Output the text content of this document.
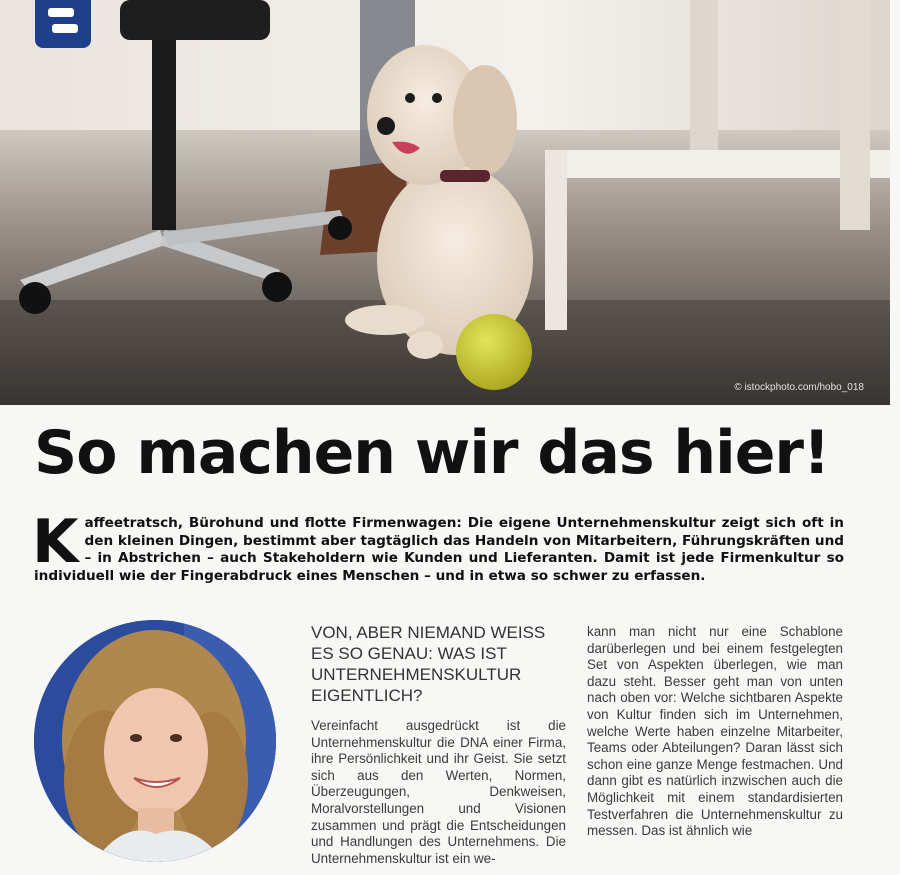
© istockphoto.com/hobo_018
So machen wir das hier!

Kaffeetratsch, Bürohund und flotte Firmenwagen: Die eigene Unternehmenskultur zeigt sich oft in den kleinen Dingen, bestimmt aber tagtäglich das Handeln von Mitarbeitern, Führungskräften und – in Abstrichen – auch Stakeholdern wie Kunden und Lieferanten. Damit ist jede Firmenkultur so individuell wie der Fingerabdruck eines Menschen – und in etwa so schwer zu erfassen.

VON, ABER NIEMAND WEISS ES SO GENAU: WAS IST UNTERNEHMENSKULTUR EIGENTLICH?

Vereinfacht ausgedrückt ist die Unternehmenskultur die DNA einer Firma, ihre Persönlichkeit und ihr Geist. Sie setzt sich aus den Werten, Normen, Überzeugungen, Denkweisen, Moralvorstellungen und Visionen zusammen und prägt die Entscheidungen und Handlungen des Unternehmens. Die Unternehmenskultur ist ein we-

kann man nicht nur eine Schablone darüberlegen und bei einem festgelegten Set von Aspekten überlegen, wie man dazu steht. Besser geht man von unten nach oben vor: Welche sichtbaren Aspekte von Kultur finden sich im Unternehmen, welche Werte haben einzelne Mitarbeiter, Teams oder Abteilungen? Daran lässt sich schon eine ganze Menge festmachen. Und dann gibt es natürlich inzwischen auch die Möglichkeit mit einem standardisierten Testverfahren die Unternehmenskultur zu messen. Das ist ähnlich wie
